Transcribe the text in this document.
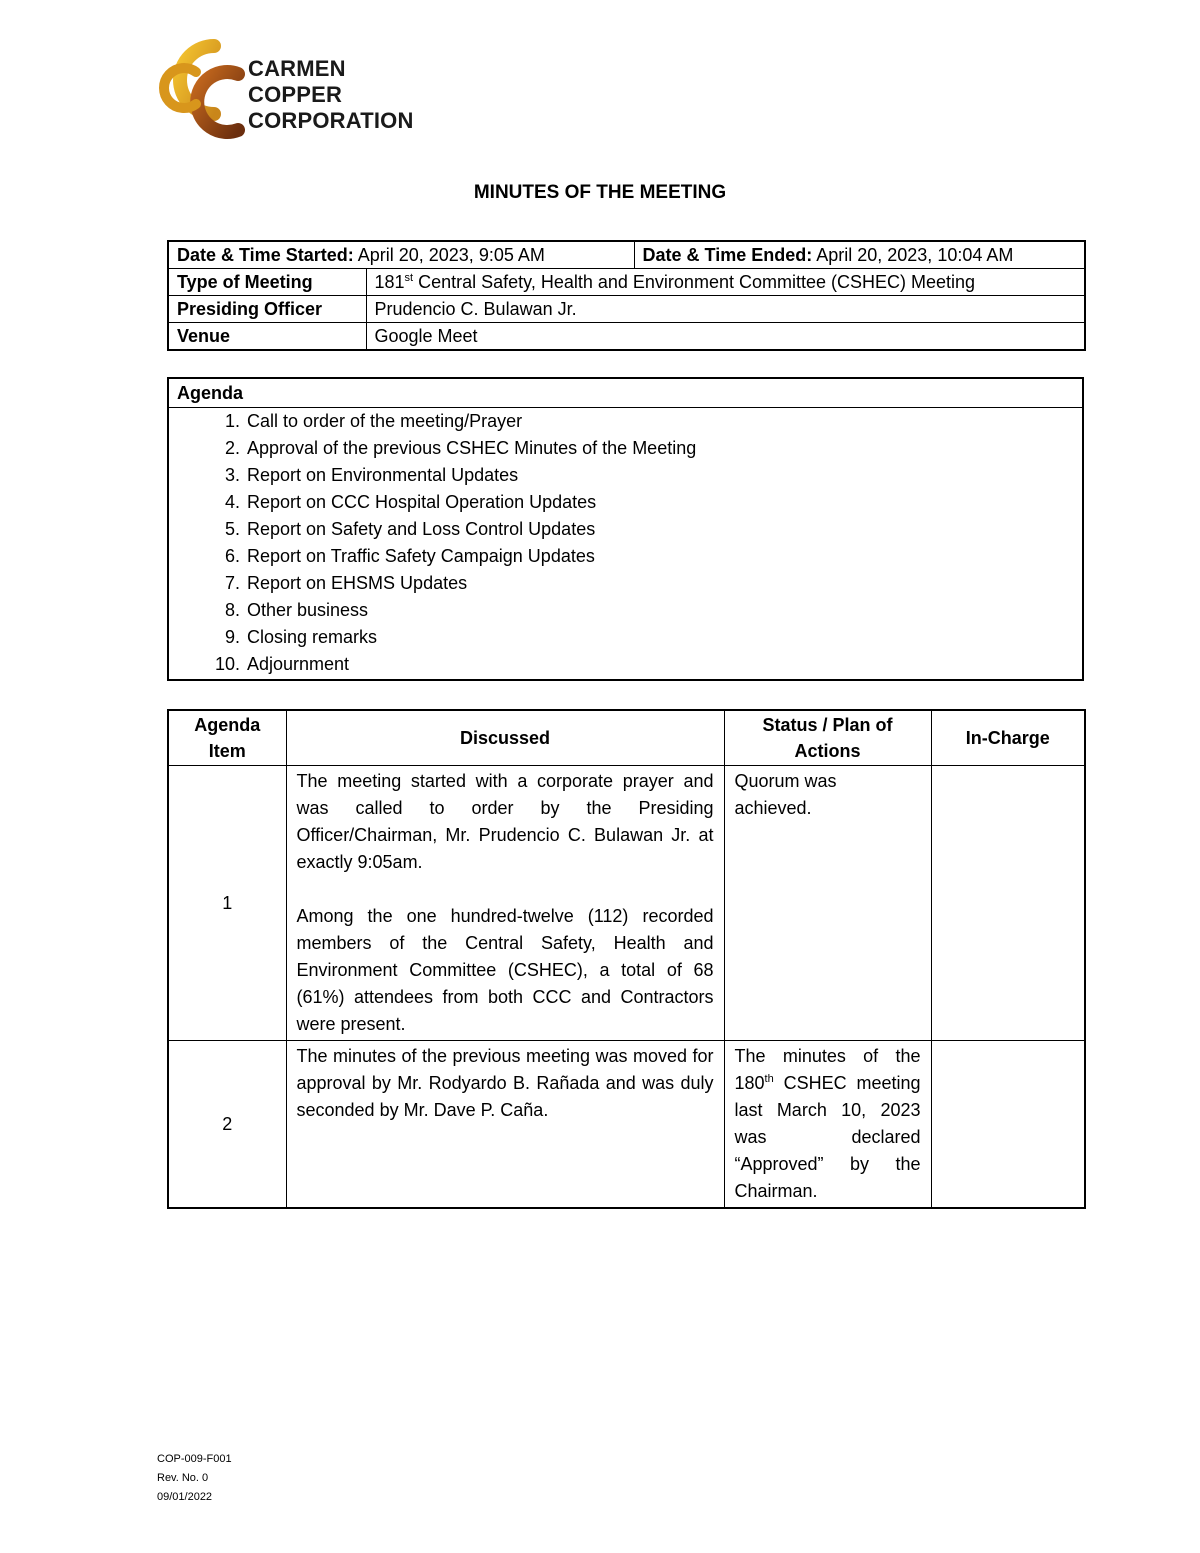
CARMEN
COPPER
CORPORATION
MINUTES OF THE MEETING
Date & Time Started: April 20, 2023, 9:05 AM		Date & Time Ended: April 20, 2023, 10:04 AM
Type of Meeting	181st Central Safety, Health and Environment Committee (CSHEC) Meeting	
Presiding Officer	Prudencio C. Bulawan Jr.	
Venue	Google Meet	
Agenda

1. Call to order of the meeting/Prayer
2. Approval of the previous CSHEC Minutes of the Meeting
3. Report on Environmental Updates
4. Report on CCC Hospital Operation Updates
5. Report on Safety and Loss Control Updates
6. Report on Traffic Safety Campaign Updates
7. Report on EHSMS Updates
8. Other business
9. Closing remarks
10. Adjournment
Agenda Item	Discussed	Status / Plan of Actions	In-Charge
1	The meeting started with a corporate prayer and was called to order by the Presiding Officer/Chairman, Mr. Prudencio C. Bulawan Jr. at exactly 9:05am.
Among the one hundred-twelve (112) recorded members of the Central Safety, Health and Environment Committee (CSHEC), a total of 68 (61%) attendees from both CCC and Contractors were present.	Quorum was achieved.	
2	The minutes of the previous meeting was moved for approval by Mr. Rodyardo B. Rañada and was duly seconded by Mr. Dave P. Caña.	The minutes of the 180th CSHEC meeting last March 10, 2023 was declared “Approved” by the Chairman.	
COP-009-F001
Rev. No. 0
09/01/2022
